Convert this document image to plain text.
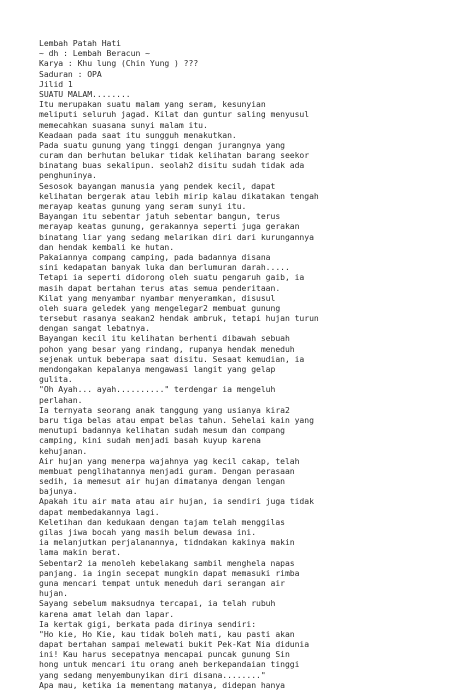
Lembah Patah Hati
~ dh : Lembah Beracun ~
Karya : Khu lung (Chin Yung ) ???
Saduran : OPA
Jilid 1
SUATU MALAM........
Itu merupakan suatu malam yang seram, kesunyian
meliputi seluruh jagad. Kilat dan guntur saling menyusul
memecahkan suasana sunyi malam itu.
Keadaan pada saat itu sungguh menakutkan.
Pada suatu gunung yang tinggi dengan jurangnya yang
curam dan berhutan belukar tidak kelihatan barang seekor
binatang buas sekalipun. seolah2 disitu sudah tidak ada
penghuninya.
Sesosok bayangan manusia yang pendek kecil, dapat
kelihatan bergerak atau lebih mirip kalau dikatakan tengah
merayap keatas gunung yang seram sunyi itu.
Bayangan itu sebentar jatuh sebentar bangun, terus
merayap keatas gunung, gerakannya seperti juga gerakan
binatang liar yang sedang melarikan diri dari kurungannya
dan hendak kembali ke hutan.
Pakaiannya compang camping, pada badannya disana
sini kedapatan banyak luka dan berlumuran darah.....
Tetapi ia seperti didorong oleh suatu pengaruh gaib, ia
masih dapat bertahan terus atas semua penderitaan.
Kilat yang menyambar nyambar menyeramkan, disusul
oleh suara geledek yang mengelegar2 membuat gunung
tersebut rasanya seakan2 hendak ambruk, tetapi hujan turun
dengan sangat lebatnya.
Bayangan kecil itu kelihatan berhenti dibawah sebuah
pohon yang besar yang rindang, rupanya hendak meneduh
sejenak untuk beberapa saat disitu. Sesaat kemudian, ia
mendongakan kepalanya mengawasi langit yang gelap
gulita.
"Oh Ayah... ayah.........." terdengar ia mengeluh
perlahan.
Ia ternyata seorang anak tanggung yang usianya kira2
baru tiga belas atau empat belas tahun. Sehelai kain yang
menutupi badannya kelihatan sudah mesum dan compang
camping, kini sudah menjadi basah kuyup karena
kehujanan.
Air hujan yang menerpa wajahnya yag kecil cakap, telah
membuat penglihatannya menjadi guram. Dengan perasaan
sedih, ia memesut air hujan dimatanya dengan lengan
bajunya.
Apakah itu air mata atau air hujan, ia sendiri juga tidak
dapat membedakannya lagi.
Keletihan dan kedukaan dengan tajam telah menggilas
gilas jiwa bocah yang masih belum dewasa ini.
ia melanjutkan perjalanannya, tidndakan kakinya makin
lama makin berat.
Sebentar2 ia menoleh kebelakang sambil menghela napas
panjang. ia ingin secepat mungkin dapat memasuki rimba
guna mencari tempat untuk meneduh dari serangan air
hujan.
Sayang sebelum maksudnya tercapai, ia telah rubuh
karena amat lelah dan lapar.
Ia kertak gigi, berkata pada dirinya sendiri:
"Ho kie, Ho Kie, kau tidak boleh mati, kau pasti akan
dapat bertahan sampai melewati bukit Pek-Kat Nia didunia
ini! Kau harus secepatnya mencapai puncak gunung Sin
hong untuk mencari itu orang aneh berkepandaian tinggi
yang sedang menyembunyikan diri disana........"
Apa mau, ketika ia mementang matanya, didepan hanya
